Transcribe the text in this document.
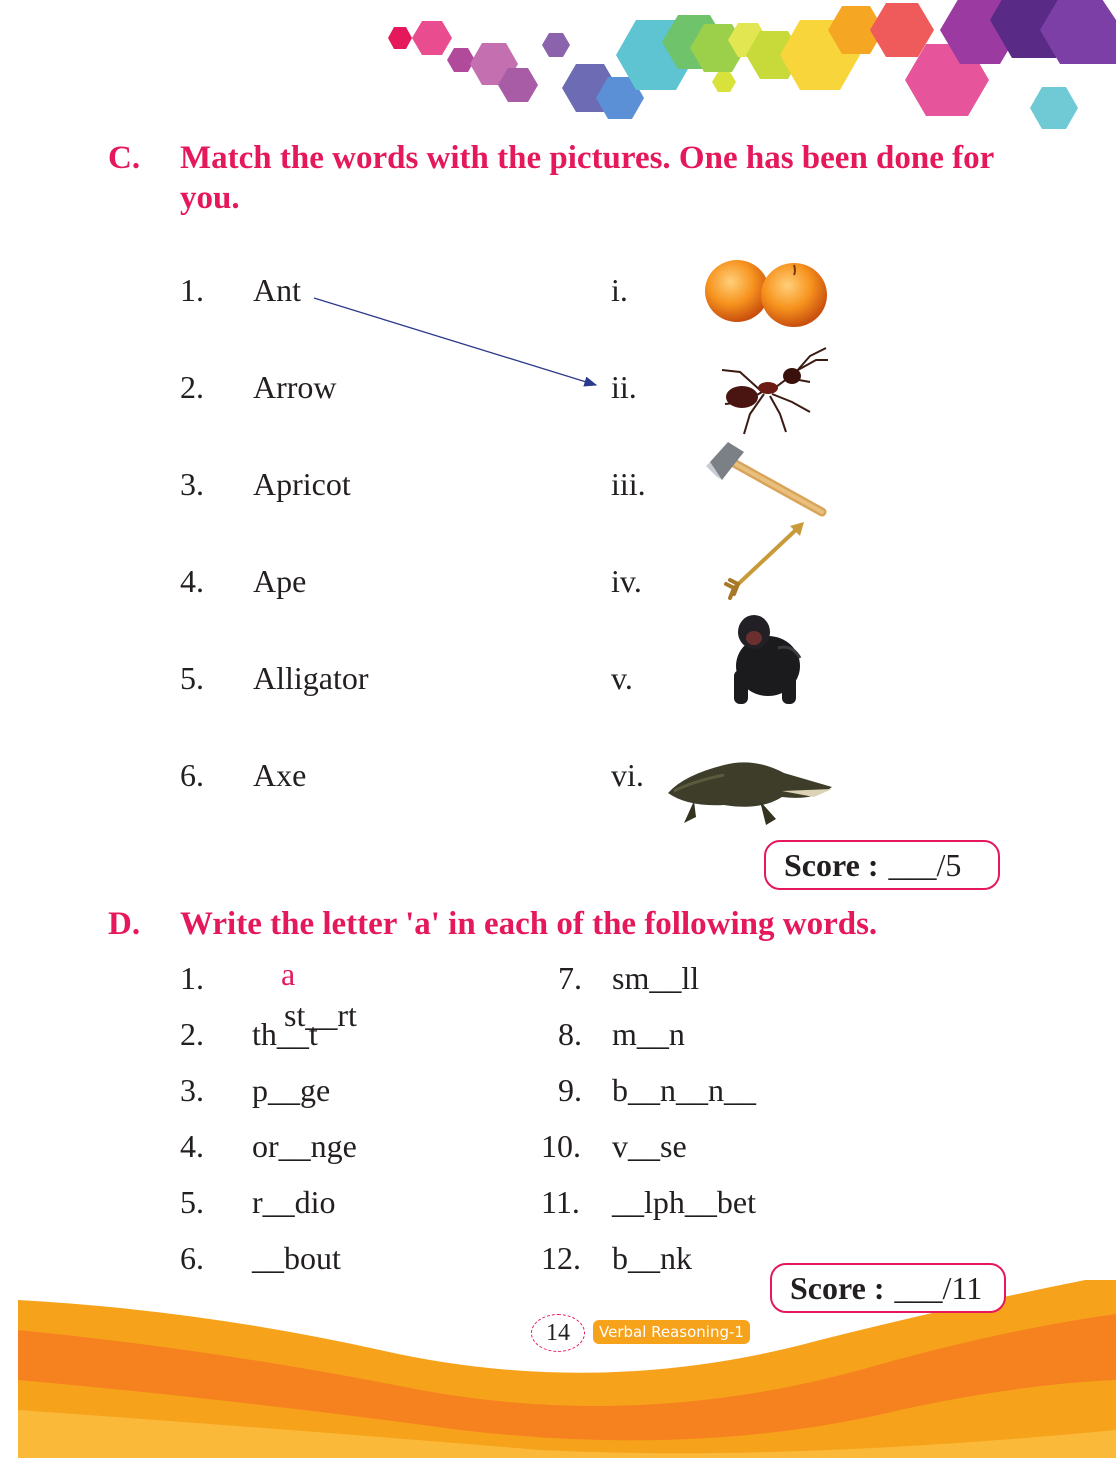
C. Match the words with the pictures. One has been done for you.
1. Ant	i.
2. Arrow	ii.
3. Apricot	iii.
4. Ape	iv.
5. Alligator	v.
6. Axe	vi.
Score : ___/5
D. Write the letter 'a' in each of the following words.
1.

st__rt

a

2. th__t
3. p__ge
4. or__nge
5. r__dio
6. __bout
7. sm__ll
8. m__n
9. b__n__n__
10. v__se
11. __lph__bet
12. b__nk
Score : ___/11
14	Verbal Reasoning-1
